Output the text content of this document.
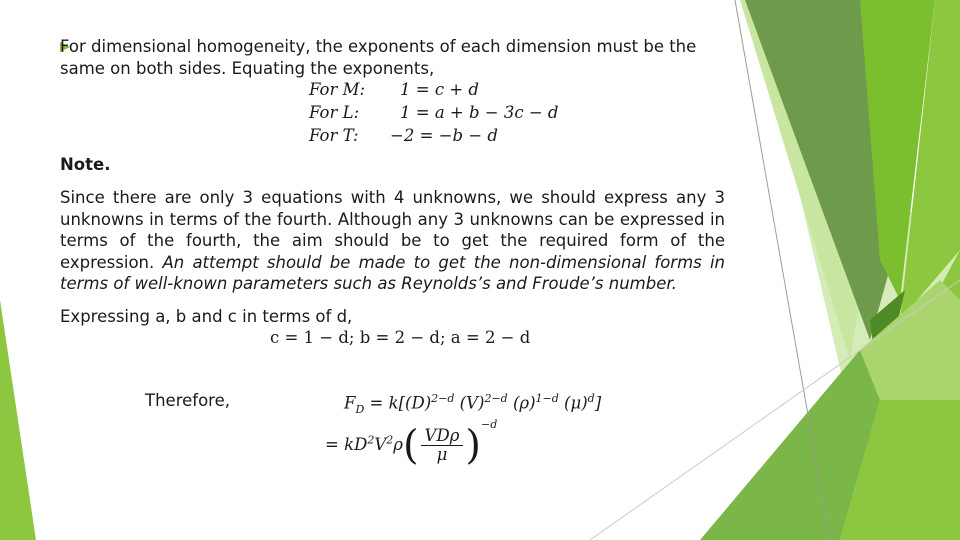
For dimensional homogeneity, the exponents of each dimension must be the same on both sides. Equating the exponents,

For M: 1 = c + d
For L: 1 = a + b − 3c − d
For T: −2 = −b − d

Note.

Since there are only 3 equations with 4 unknowns, we should express any 3 unknowns in terms of the fourth. Although any 3 unknowns can be expressed in terms of the fourth, the aim should be to get the required form of the expression. An attempt should be made to get the non-dimensional forms in terms of well-known parameters such as Reynolds’s and Froude’s number.

Expressing a, b and c in terms of d,

c = 1 − d; b = 2 − d; a = 2 − d

Therefore,	$F_D = k[(D)^{2-d}$ $(V)^{2-d}$ $(\rho)^{1-d}$ $(\mu)^d$]
= $kD^2V^2\rho( \frac{\text{VDρ}}{\mu} )^{-d}$
